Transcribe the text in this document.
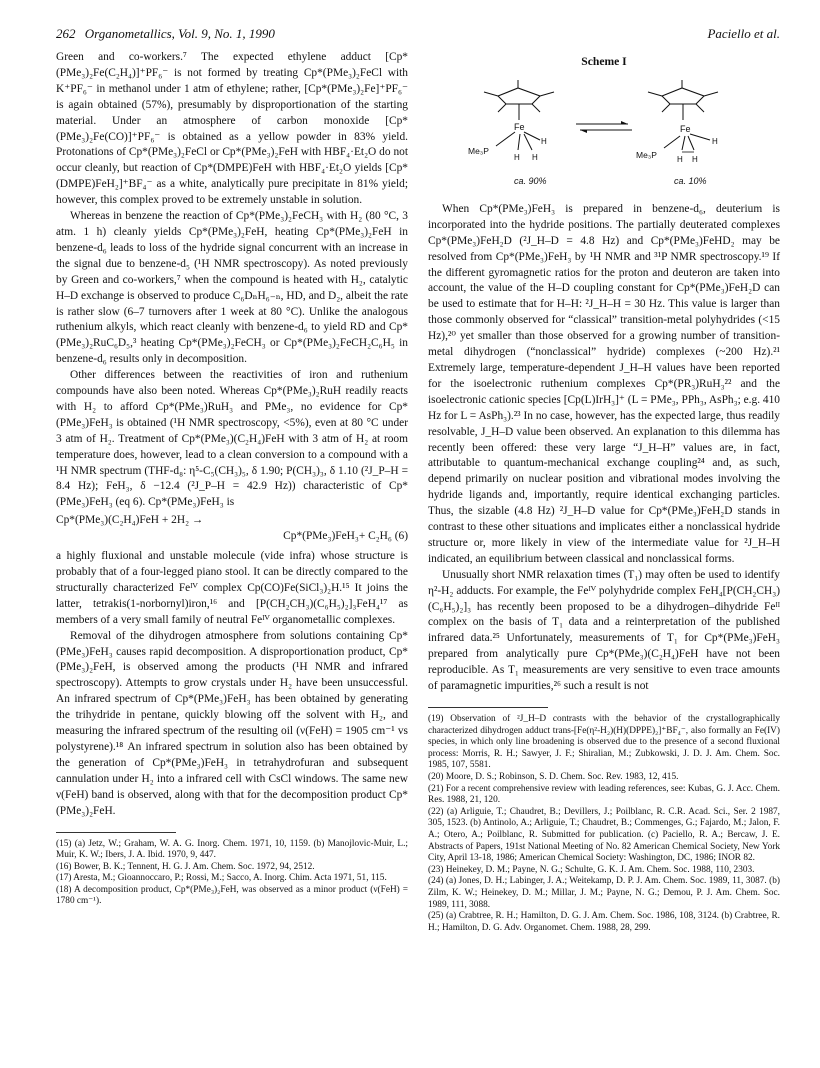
262 Organometallics, Vol. 9, No. 1, 1990	Paciello et al.

Green and co-workers.⁷ The expected ethylene adduct [Cp*(PMe₃)₂Fe(C₂H₄)]⁺PF₆⁻ is not formed by treating Cp*(PMe₃)₂FeCl with K⁺PF₆⁻ in methanol under 1 atm of ethylene; rather, [Cp*(PMe₃)₂Fe]⁺PF₆⁻ is again obtained (57%), presumably by disproportionation of the starting material. Under an atmosphere of carbon monoxide [Cp*(PMe₃)₂Fe(CO)]⁺PF₆⁻ is obtained as a yellow powder in 83% yield. Protonations of Cp*(PMe₃)₂FeCl or Cp*(PMe₃)₂FeH with HBF₄·Et₂O do not occur cleanly, but reaction of Cp*(DMPE)FeH with HBF₄·Et₂O yields [Cp*(DMPE)FeH₂]⁺BF₄⁻ as a white, analytically pure precipitate in 81% yield; however, this complex proved to be extremely unstable in solution.

Whereas in benzene the reaction of Cp*(PMe₃)₂FeCH₃ with H₂ (80 °C, 3 atm. 1 h) cleanly yields Cp*(PMe₃)₂FeH, heating Cp*(PMe₃)₂FeH in benzene-d₆ leads to loss of the hydride signal concurrent with an increase in the signal due to benzene-d₅ (¹H NMR spectroscopy). As noted previously by Green and co-workers,⁷ when the compound is heated with H₂, catalytic H–D exchange is observed to produce C₆DₙH₆₋ₙ, HD, and D₂, albeit the rate is rather slow (6–7 turnovers after 1 week at 80 °C). Unlike the analogous ruthenium alkyls, which react cleanly with benzene-d₆ to yield RD and Cp*(PMe₃)₂RuC₆D₅,³ heating Cp*(PMe₃)₂FeCH₃ or Cp*(PMe₃)₂FeCH₂C₆H₅ in benzene-d₆ results only in decomposition.

Other differences between the reactivities of iron and ruthenium compounds have also been noted. Whereas Cp*(PMe₃)₂RuH readily reacts with H₂ to afford Cp*(PMe₃)RuH₃ and PMe₃, no evidence for Cp*(PMe₃)FeH₃ is obtained (¹H NMR spectroscopy, <5%), even at 80 °C under 3 atm of H₂. Treatment of Cp*(PMe₃)(C₂H₄)FeH with 3 atm of H₂ at room temperature does, however, lead to a clean conversion to a compound with a ¹H NMR spectrum (THF-d₈: η⁵-C₅(CH₃)₅, δ 1.90; P(CH₃)₃, δ 1.10 (²J_P–H = 8.4 Hz); FeH₃, δ −12.4 (²J_P–H = 42.9 Hz)) characteristic of Cp*(PMe₃)FeH₃ (eq 6). Cp*(PMe₃)FeH₃ is

Cp*(PMe₃)(C₂H₄)FeH + 2H₂ →
Cp*(PMe₃)FeH₃+ C₂H₆ (6)

a highly fluxional and unstable molecule (vide infra) whose structure is probably that of a four-legged piano stool. It can be directly compared to the structurally characterized Feᴵⱽ complex Cp(CO)Fe(SiCl₃)₂H.¹⁵ It joins the latter, tetrakis(1-norbornyl)iron,¹⁶ and [P(CH₂CH₃)(C₆H₅)₂]₃FeH₄¹⁷ as members of a very small family of neutral Feᴵⱽ organometallic complexes.

Removal of the dihydrogen atmosphere from solutions containing Cp*(PMe₃)FeH₃ causes rapid decomposition. A disproportionation product, Cp*(PMe₃)₂FeH, is observed among the products (¹H NMR and infrared spectroscopy). Attempts to grow crystals under H₂ have been unsuccessful. An infrared spectrum of Cp*(PMe₃)FeH₃ has been obtained by generating the trihydride in pentane, quickly blowing off the solvent with H₂, and measuring the infrared spectrum of the resulting oil (ν(FeH) = 1905 cm⁻¹ vs polystyrene).¹⁸ An infrared spectrum in solution also has been obtained by the generation of Cp*(PMe₃)FeH₃ in tetrahydrofuran and subsequent cannulation under H₂ into a infrared cell with CsCl windows. The same new ν(FeH) band is observed, along with that for the decomposition product Cp*(PMe₃)₂FeH.

(15) (a) Jetz, W.; Graham, W. A. G. Inorg. Chem. 1971, 10, 1159. (b) Manojlovic-Muir, L.; Muir, K. W.; Ibers, J. A. Ibid. 1970, 9, 447.
(16) Bower, B. K.; Tennent, H. G. J. Am. Chem. Soc. 1972, 94, 2512.
(17) Aresta, M.; Gioannoccaro, P.; Rossi, M.; Sacco, A. Inorg. Chim. Acta 1971, 51, 115.
(18) A decomposition product, Cp*(PMe₃)₂FeH, was observed as a minor product (ν(FeH) = 1780 cm⁻¹).
Scheme I
Fe
Me₃P
H
H H
Fe
Me₃P
H
H H
ca. 90%	ca. 10%

When Cp*(PMe₃)FeH₃ is prepared in benzene-d₆, deuterium is incorporated into the hydride positions. The partially deuterated complexes Cp*(PMe₃)FeH₂D (²J_H–D = 4.8 Hz) and Cp*(PMe₃)FeHD₂ may be resolved from Cp*(PMe₃)FeH₃ by ¹H NMR and ³¹P NMR spectroscopy.¹⁹ If the different gyromagnetic ratios for the proton and deuteron are taken into account, the value of the H–D coupling constant for Cp*(PMe₃)FeH₂D can be used to estimate that for H–H: ²J_H–H = 30 Hz. This value is larger than those commonly observed for “classical” transition-metal polyhydrides (<15 Hz),²⁰ yet smaller than those observed for a growing number of transition-metal dihydrogen (“nonclassical” hydride) complexes (~200 Hz).²¹ Extremely large, temperature-dependent J_H–H values have been reported for the isoelectronic ruthenium complexes Cp*(PR₃)RuH₃²² and the isoelectronic cationic species [Cp(L)IrH₃]⁺ (L = PMe₃, PPh₃, AsPh₃; e.g. 410 Hz for L = AsPh₃).²³ In no case, however, has the expected large, thus readily resolvable, J_H–D value been observed. An explanation to this dilemma has recently been offered: these very large “J_H–H” values are, in fact, attributable to quantum-mechanical exchange coupling²⁴ and, as such, depend primarily on nuclear position and vibrational modes involving the hydride ligands and, importantly, require identical exchanging particles. Thus, the sizable (4.8 Hz) ²J_H–D value for Cp*(PMe₃)FeH₂D stands in contrast to these other situations and implicates either a nonclassical hydride structure or, more likely in view of the intermediate value for ²J_H–H indicated, an equilibrium between classical and nonclassical forms.

Unusually short NMR relaxation times (T₁) may often be used to identify η²-H₂ adducts. For example, the Feᴵⱽ polyhydride complex FeH₄[P(CH₂CH₃)(C₆H₅)₂]₃ has recently been proposed to be a dihydrogen–dihydride Feᴵᴵ complex on the basis of T₁ data and a reinterpretation of the published infrared data.²⁵ Unfortunately, measurements of T₁ for Cp*(PMe₃)FeH₃ prepared from analytically pure Cp*(PMe₃)(C₂H₄)FeH have not been reproducible. As T₁ measurements are very sensitive to even trace amounts of paramagnetic impurities,²⁶ such a result is not

(19) Observation of ²J_H–D contrasts with the behavior of the crystallographically characterized dihydrogen adduct trans-[Fe(η²-H₂)(H)(DPPE)₂]⁺BF₄⁻, also formally an Fe(IV) species, in which only line broadening is observed due to the presence of a second fluxional process: Morris, R. H.; Sawyer, J. F.; Shiralian, M.; Zubkowski, J. D. J. Am. Chem. Soc. 1985, 107, 5581.
(20) Moore, D. S.; Robinson, S. D. Chem. Soc. Rev. 1983, 12, 415.
(21) For a recent comprehensive review with leading references, see: Kubas, G. J. Acc. Chem. Res. 1988, 21, 120.
(22) (a) Arliguie, T.; Chaudret, B.; Devillers, J.; Poilblanc, R. C.R. Acad. Sci., Ser. 2 1987, 305, 1523. (b) Antinolo, A.; Arliguie, T.; Chaudret, B.; Commenges, G.; Fajardo, M.; Jalon, F. A.; Otero, A.; Poilblanc, R. Submitted for publication. (c) Paciello, R. A.; Bercaw, J. E. Abstracts of Papers, 191st National Meeting of No. 82 American Chemical Society, New York City, April 13-18, 1986; American Chemical Society: Washington, DC, 1986; INOR 82.
(23) Heinekey, D. M.; Payne, N. G.; Schulte, G. K. J. Am. Chem. Soc. 1988, 110, 2303.
(24) (a) Jones, D. H.; Labinger, J. A.; Weitekamp, D. P. J. Am. Chem. Soc. 1989, 11, 3087. (b) Zilm, K. W.; Heinekey, D. M.; Millar, J. M.; Payne, N. G.; Demou, P. J. Am. Chem. Soc. 1989, 111, 3088.
(25) (a) Crabtree, R. H.; Hamilton, D. G. J. Am. Chem. Soc. 1986, 108, 3124. (b) Crabtree, R. H.; Hamilton, D. G. Adv. Organomet. Chem. 1988, 28, 299.
